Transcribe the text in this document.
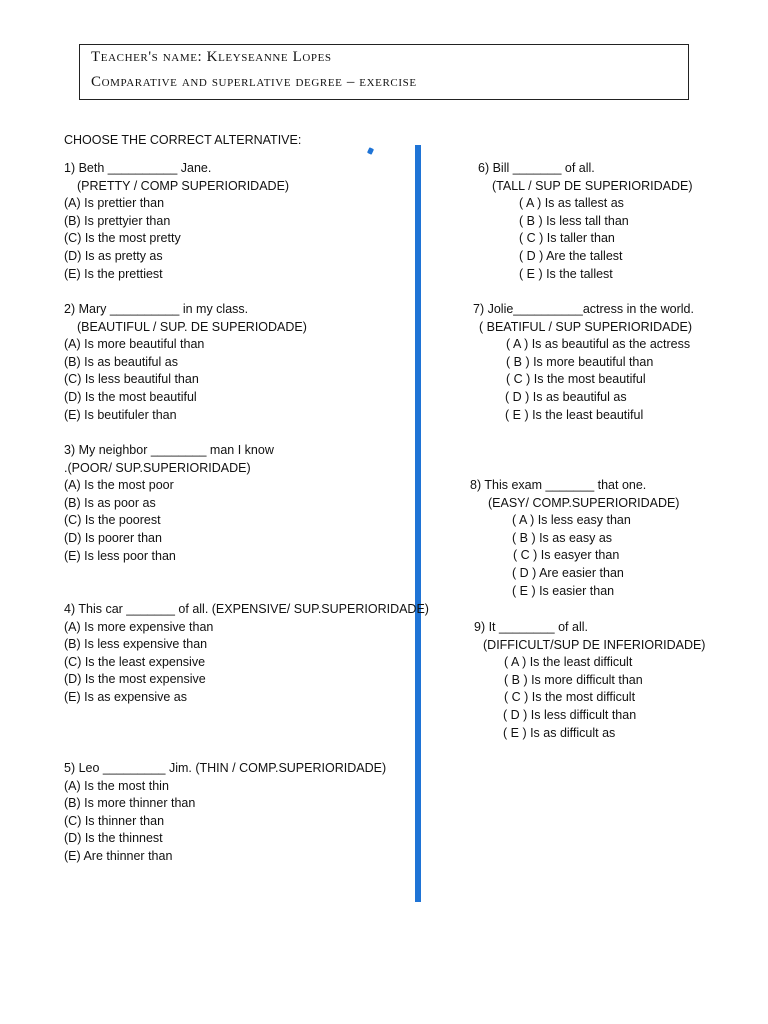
Teacher's name: Kleyseanne Lopes
Comparative and superlative degree – exercise
CHOOSE THE CORRECT ALTERNATIVE:
1) Beth __________ Jane.
(PRETTY / COMP SUPERIORIDADE)
(A) Is prettier than
(B) Is prettyier than
(C) Is the most pretty
(D) Is as pretty as
(E) Is the prettiest
2) Mary __________ in my class.
(BEAUTIFUL / SUP. DE SUPERIODADE)
(A) Is more beautiful than
(B) Is as beautiful as
(C) Is less beautiful than
(D) Is the most beautiful
(E) Is beutifuler than
3) My neighbor ________ man I know
.(POOR/ SUP.SUPERIORIDADE)
(A) Is the most poor
(B) Is as poor as
(C) Is the poorest
(D) Is poorer than
(E) Is less poor than
4) This car _______ of all. (EXPENSIVE/ SUP.SUPERIORIDADE)
(A) Is more expensive than
(B) Is less expensive than
(C) Is the least expensive
(D) Is the most expensive
(E) Is as expensive as
5) Leo _________ Jim. (THIN / COMP.SUPERIORIDADE)
(A) Is the most thin
(B) Is more thinner than
(C) Is thinner than
(D) Is the thinnest
(E) Are thinner than
6) Bill _______ of all.
(TALL / SUP DE SUPERIORIDADE)
( A ) Is as tallest as
( B ) Is less tall than
( C ) Is taller than
( D ) Are the tallest
( E ) Is the tallest
7) Jolie__________actress in the world.
( BEATIFUL / SUP SUPERIORIDADE)
( A ) Is as beautiful as the actress
( B ) Is more beautiful than
( C ) Is the most beautiful
( D ) Is as beautiful as
( E ) Is the least beautiful
8) This exam _______ that one.
(EASY/ COMP.SUPERIORIDADE)
( A ) Is less easy than
( B ) Is as easy as
( C ) Is easyer than
( D ) Are easier than
( E ) Is easier than
9) It ________ of all.
(DIFFICULT/SUP DE INFERIORIDADE)
( A ) Is the least difficult
( B ) Is more difficult than
( C ) Is the most difficult
( D ) Is less difficult than
( E ) Is as difficult as
